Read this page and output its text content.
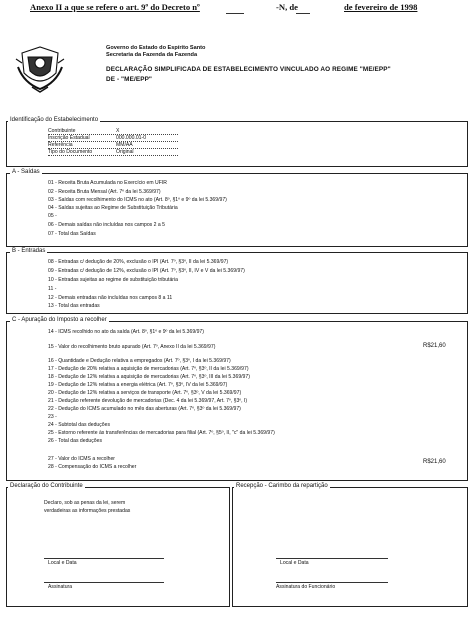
Anexo II a que se refere o art. 9º do Decreto nº	-N, de	de fevereiro de 1998
Governo do Estado do Espírito Santo
Secretaria da Fazenda da Fazenda
DECLARAÇÃO SIMPLIFICADA DE ESTABELECIMENTO VINCULADO AO REGIME "ME/EPP"
DE - "ME/EPP"
Identificação do Estabelecimento
Contribuinte
Inscrição Estadual
Referência
Tipo do Documento
X
000.000.01-0
MM/AA
Original
A - Saídas
01 - Receita Bruta Acumulada no Exercício em UFIR
02 - Receita Bruta Mensal (Art. 7º da lei 5.369/97)
03 - Saídas com recolhimento do ICMS no ato (Art. 8º, §1º e 9º da lei 5.369/97)
04 - Saídas sujeitas ao Regime de Substituição Tributária
05 -
06 - Demais saídas não incluídas nos campos 2 a 5
07 - Total das Saídas
B - Entradas
08 - Entradas c/ dedução de 20%, exclusão o IPI (Art. 7º, §3º, II da lei 5.369/97)
09 - Entradas c/ dedução de 12%, exclusão o IPI (Art. 7º, §3º, II, IV e V da lei 5.369/97)
10 - Entradas sujeitas ao regime de substituição tributária
11 -
12 - Demais entradas não incluídas nos campos 8 a 11
13 - Total das entradas
C - Apuração do Imposto a recolher
14 - ICMS recolhido no ato da saída (Art. 8º, §1º e 9º da lei 5.369/97)
15 - Valor do recolhimento bruto apurado (Art. 7º, Anexo II da lei 5.369/97)
16 - Quantidade e Dedução relativa a empregados (Art. 7º, §3º, I da lei 5.369/97)
17 - Dedução de 20% relativa a aquisição de mercadorias (Art. 7º, §3º, II da lei 5.369/97)
18 - Dedução de 12% relativa a aquisição de mercadorias (Art. 7º, §3º, III da lei 5.369/97)
19 - Dedução de 12% relativa a energia elétrica (Art. 7º, §3º, IV da lei 5.369/97)
20 - Dedução de 12% relativa a serviços de transporte (Art. 7º, §3º, V da lei 5.369/97)
21 - Dedução referente devolução de mercadorias (Dec. 4 da lei 5.369/97, Art. 7º, §3º, I)
22 - Dedução do ICMS acumulado no mês das aberturas (Art. 7º, §3º da lei 5.369/97)
23 -
24 - Subtotal das deduções
25 - Estorno referente às transferências de mercadorias para filial (Art. 7º, §5º, II, "c" da lei 5.369/97)
26 - Total das deduções
27 - Valor do ICMS a recolher
28 - Compensação do ICMS a recolher
R$21,60
R$21,60
Declaração do Contribuinte
Declaro, sob as penas da lei, serem
verdadeiras as informações prestadas
Local e Data
Assinatura
Recepção - Carimbo da repartição
Local e Data
Assinatura do Funcionário
